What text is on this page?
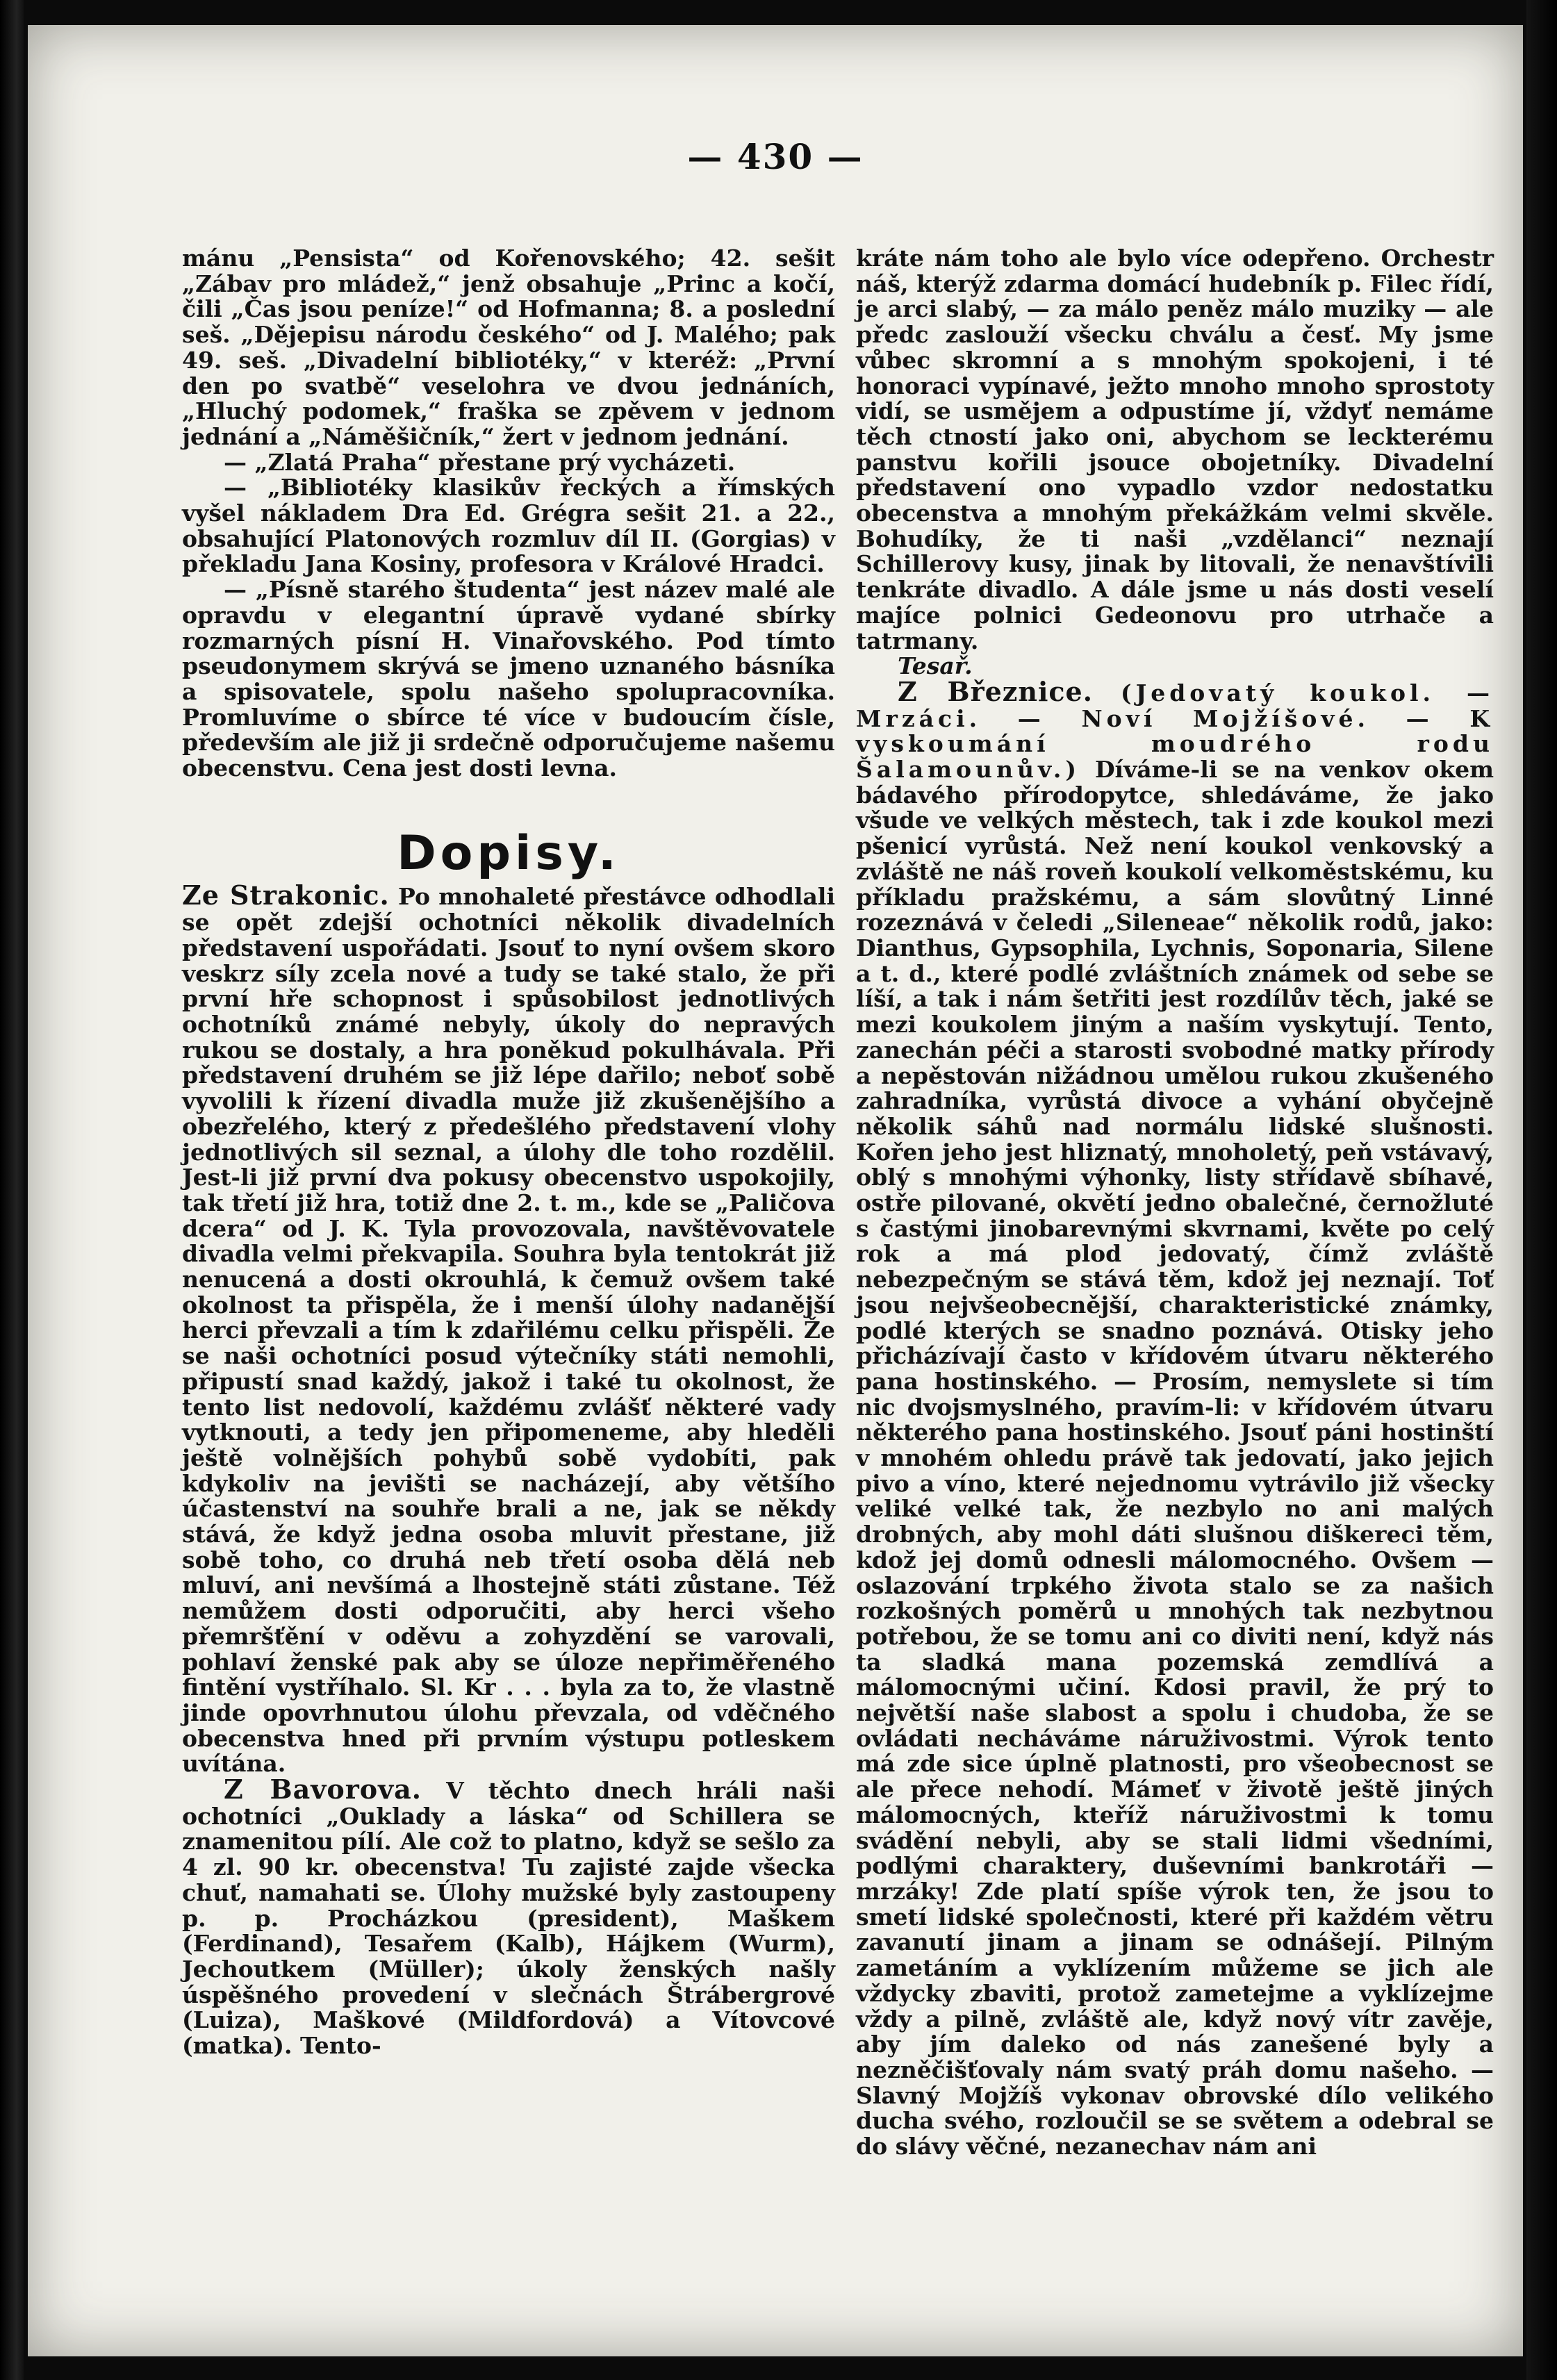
— 430 —

mánu „Pensista“ od Kořenovského; 42. sešit „Zábav pro mládež,“ jenž obsahuje „Princ a kočí, čili „Čas jsou peníze!“ od Hofmanna; 8. a poslední seš. „Dějepisu národu českého“ od J. Malého; pak 49. seš. „Divadelní bibliotéky,“ v kteréž: „První den po svatbě“ veselohra ve dvou jednáních, „Hluchý podomek,“ fraška se zpěvem v jednom jednání a „Náměšičník,“ žert v jednom jednání.

— „Zlatá Praha“ přestane prý vycházeti.

— „Bibliotéky klasikův řeckých a římských vyšel nákladem Dra Ed. Grégra sešit 21. a 22., obsahující Platonových rozmluv díl II. (Gorgias) v překladu Jana Kosiny, profesora v Králové Hradci.

— „Písně starého študenta“ jest název malé ale opravdu v elegantní úpravě vydané sbírky rozmarných písní H. Vinařovského. Pod tímto pseudonymem skrývá se jmeno uznaného básníka a spisovatele, spolu našeho spolupracovníka. Promluvíme o sbírce té více v budoucím čísle, především ale již ji srdečně odporučujeme našemu obecenstvu. Cena jest dosti levna.

Dopisy.

Ze Strakonic. Po mnohaleté přestávce odhodlali se opět zdejší ochotníci několik divadelních představení uspořádati. Jsouť to nyní ovšem skoro veskrz síly zcela nové a tudy se také stalo, že při první hře schopnost i spůsobilost jednotlivých ochotníků známé nebyly, úkoly do nepravých rukou se dostaly, a hra poněkud pokulhávala. Při představení druhém se již lépe dařilo; neboť sobě vyvolili k řízení divadla muže již zkušenějšího a obezřelého, který z předešlého představení vlohy jednotlivých sil seznal, a úlohy dle toho rozdělil. Jest-li již první dva pokusy obecenstvo uspokojily, tak třetí již hra, totiž dne 2. t. m., kde se „Paličova dcera“ od J. K. Tyla provozovala, navštěvovatele divadla velmi překvapila. Souhra byla tentokrát již nenucená a dosti okrouhlá, k čemuž ovšem také okolnost ta přispěla, že i menší úlohy nadanější herci převzali a tím k zdařilému celku přispěli. Že se naši ochotníci posud výtečníky státi nemohli, připustí snad každý, jakož i také tu okolnost, že tento list nedovolí, každému zvlášť některé vady vytknouti, a tedy jen připomeneme, aby hleděli ještě volnějších pohybů sobě vydobíti, pak kdykoliv na jevišti se nacházejí, aby většího účastenství na souhře brali a ne, jak se někdy stává, že když jedna osoba mluvit přestane, již sobě toho, co druhá neb třetí osoba dělá neb mluví, ani nevšímá a lhostejně státi zůstane. Též nemůžem dosti odporučiti, aby herci všeho přemršťění v oděvu a zohyzdění se varovali, pohlaví ženské pak aby se úloze nepřiměřeného fintění vystříhalo. Sl. Kr . . . byla za to, že vlastně jinde opovrhnutou úlohu převzala, od vděčného obecenstva hned při prvním výstupu potleskem uvítána.

Z Bavorova. V těchto dnech hráli naši ochotníci „Ouklady a láska“ od Schillera se znamenitou pílí. Ale což to platno, když se sešlo za 4 zl. 90 kr. obecenstva! Tu zajisté zajde všecka chuť, namahati se. Úlohy mužské byly zastoupeny p. p. Procházkou (president), Maškem (Ferdinand), Tesařem (Kalb), Hájkem (Wurm), Jechoutkem (Müller); úkoly ženských našly úspěšného provedení v slečnách Štrábergrové (Luiza), Maškové (Mildfordová) a Vítovcové (matka). Tento-

kráte nám toho ale bylo více odepřeno. Orchestr náš, kterýž zdarma domácí hudebník p. Filec řídí, je arci slabý, — za málo peněz málo muziky — ale předc zaslouží všecku chválu a česť. My jsme vůbec skromní a s mnohým spokojeni, i té honoraci vypínavé, ježto mnoho mnoho sprostoty vidí, se usmějem a odpustíme jí, vždyť nemáme těch ctností jako oni, abychom se leckterému panstvu kořili jsouce obojetníky. Divadelní představení ono vypadlo vzdor nedostatku obecenstva a mnohým překážkám velmi skvěle. Bohudíky, že ti naši „vzdělanci“ neznají Schillerovy kusy, jinak by litovali, že nenavštívili tenkráte divadlo. A dále jsme u nás dosti veselí majíce polnici Gedeonovu pro utrhače a tatrmany.

Tesař.

Z Březnice. (Jedovatý koukol. — Mrzáci. — Noví Mojžíšové. — K vyskoumání moudrého rodu Šalamounův.) Díváme-li se na venkov okem bádavého přírodopytce, shledáváme, že jako všude ve velkých městech, tak i zde koukol mezi pšenicí vyrůstá. Než není koukol venkovský a zvláště ne náš roveň koukolí velkoměstskému, ku příkladu pražskému, a sám slovůtný Linné rozeznává v čeledi „Sileneae“ několik rodů, jako: Dianthus, Gypsophila, Lychnis, Soponaria, Silene a t. d., které podlé zvláštních známek od sebe se líší, a tak i nám šetřiti jest rozdílův těch, jaké se mezi koukolem jiným a naším vyskytují. Tento, zanechán péči a starosti svobodné matky přírody a nepěstován nižádnou umělou rukou zkušeného zahradníka, vyrůstá divoce a vyhání obyčejně několik sáhů nad normálu lidské slušnosti. Kořen jeho jest hliznatý, mnoholetý, peň vstávavý, oblý s mnohými výhonky, listy střídavě sbíhavé, ostře pilované, okvětí jedno obalečné, černožluté s častými jinobarevnými skvrnami, květe po celý rok a má plod jedovatý, čímž zvláště nebezpečným se stává těm, kdož jej neznají. Toť jsou nejvšeobecnější, charakteristické známky, podlé kterých se snadno poznává. Otisky jeho přicházívají často v křídovém útvaru některého pana hostinského. — Prosím, nemyslete si tím nic dvojsmyslného, pravím-li: v křídovém útvaru některého pana hostinského. Jsouť páni hostinští v mnohém ohledu právě tak jedovatí, jako jejich pivo a víno, které nejednomu vytrávilo již všecky veliké velké tak, že nezbylo no ani malých drobných, aby mohl dáti slušnou diškereci těm, kdož jej domů odnesli málomocného. Ovšem — oslazování trpkého života stalo se za našich rozkošných poměrů u mnohých tak nezbytnou potřebou, že se tomu ani co diviti není, když nás ta sladká mana pozemská zemdlívá a málomocnými učiní. Kdosi pravil, že prý to největší naše slabost a spolu i chudoba, že se ovládati necháváme náruživostmi. Výrok tento má zde sice úplně platnosti, pro všeobecnost se ale přece nehodí. Mámeť v životě ještě jiných málomocných, kteříž náruživostmi k tomu svádění nebyli, aby se stali lidmi všedními, podlými charaktery, duševními bankrotáři — mrzáky! Zde platí spíše výrok ten, že jsou to smetí lidské společnosti, které při každém větru zavanutí jinam a jinam se odnášejí. Pilným zametáním a vyklízením můžeme se jich ale vždycky zbaviti, protož zametejme a vyklízejme vždy a pilně, zvláště ale, když nový vítr zavěje, aby jím daleko od nás zanešené byly a nezněčišťovaly nám svatý práh domu našeho. — Slavný Mojžíš vykonav obrovské dílo velikého ducha svého, rozloučil se se světem a odebral se do slávy věčné, nezanechav nám ani
